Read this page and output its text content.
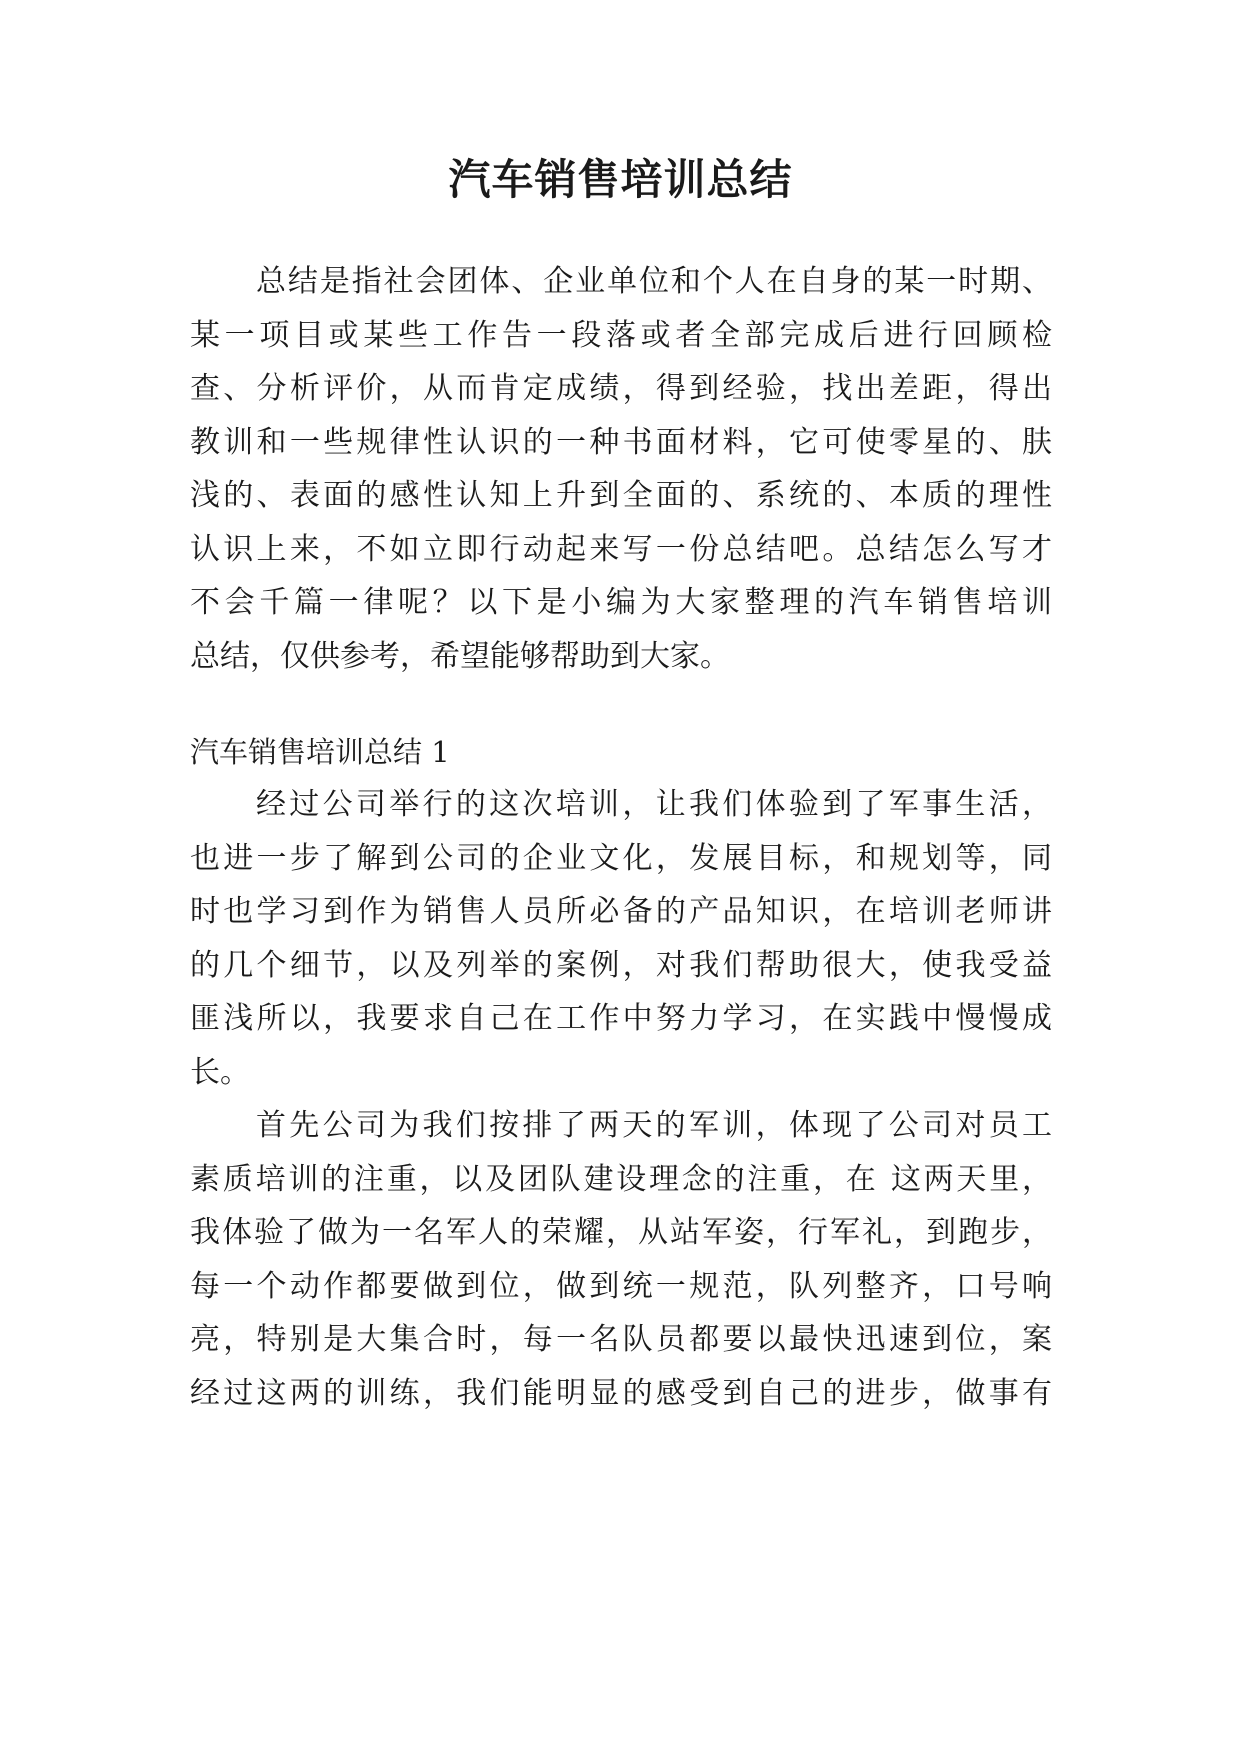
汽车销售培训总结
总结是指社会团体、企业单位和个人在自身的某一时期、
某一项目或某些工作告一段落或者全部完成后进行回顾检
查、分析评价，从而肯定成绩，得到经验，找出差距，得出
教训和一些规律性认识的一种书面材料，它可使零星的、肤
浅的、表面的感性认知上升到全面的、系统的、本质的理性
认识上来，不如立即行动起来写一份总结吧。总结怎么写才
不会千篇一律呢？以下是小编为大家整理的汽车销售培训
总结，仅供参考，希望能够帮助到大家。
汽车销售培训总结 1
经过公司举行的这次培训，让我们体验到了军事生活，
也进一步了解到公司的企业文化，发展目标，和规划等，同
时也学习到作为销售人员所必备的产品知识，在培训老师讲
的几个细节，以及列举的案例，对我们帮助很大，使我受益
匪浅所以，我要求自己在工作中努力学习，在实践中慢慢成
长。
首先公司为我们按排了两天的军训，体现了公司对员工
素质培训的注重，以及团队建设理念的注重，在 这两天里，
我体验了做为一名军人的荣耀，从站军姿，行军礼，到跑步，
每一个动作都要做到位，做到统一规范，队列整齐，口号响
亮，特别是大集合时，每一名队员都要以最快迅速到位，案
经过这两的训练，我们能明显的感受到自己的进步，做事有
